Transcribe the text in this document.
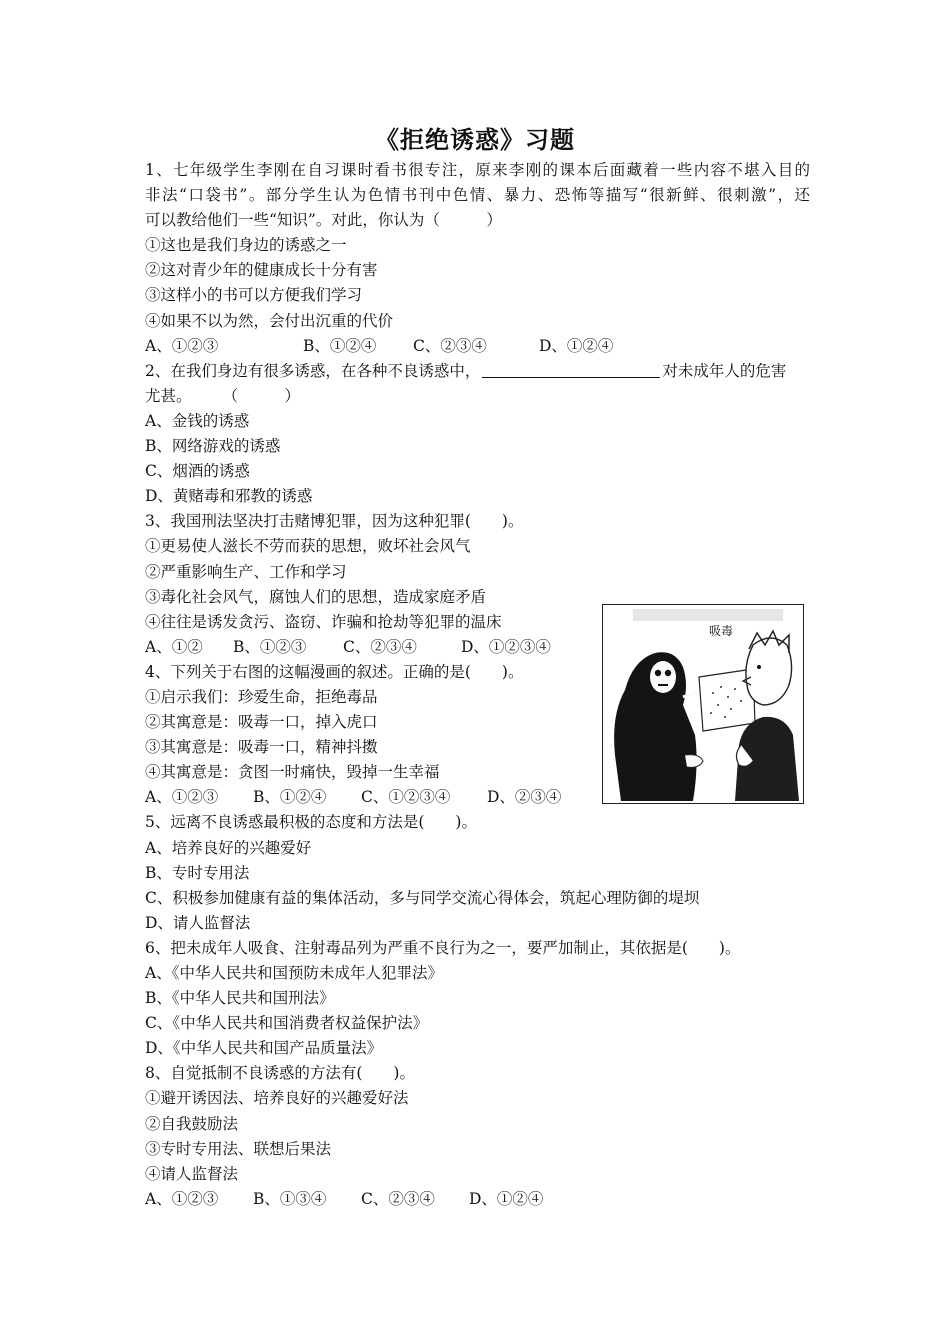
《拒绝诱惑》习题
1、七年级学生李刚在自习课时看书很专注，原来李刚的课本后面藏着一些内容不堪入目的
非法“口袋书”。部分学生认为色情书刊中色情、暴力、恐怖等描写“很新鲜、很刺激”，还
可以教给他们一些“知识”。对此，你认为（　　　）
①这也是我们身边的诱惑之一
②这对青少年的健康成长十分有害
③这样小的书可以方便我们学习
④如果不以为然，会付出沉重的代价
A、①②③	B、①②④ C、②③④	D、①②④
2、在我们身边有很多诱惑，在各种不良诱惑中，	对未成年人的危害
尤甚。　　　（　　　）
A、金钱的诱惑
B、网络游戏的诱惑
C、烟酒的诱惑
D、黄赌毒和邪教的诱惑
3、我国刑法坚决打击赌博犯罪，因为这种犯罪(　　)。
①更易使人滋长不劳而获的思想，败坏社会风气
②严重影响生产、工作和学习
③毒化社会风气，腐蚀人们的思想，造成家庭矛盾
④往往是诱发贪污、盗窃、诈骗和抢劫等犯罪的温床
A、①② B、①②③ C、②③④	D、①②③④
4、下列关于右图的这幅漫画的叙述。正确的是(　　)。
①启示我们：珍爱生命，拒绝毒品
②其寓意是：吸毒一口，掉入虎口
③其寓意是：吸毒一口，精神抖擞
④其寓意是：贪图一时痛快，毁掉一生幸福
A、①②③ B、①②④ C、①②③④ D、②③④
5、远离不良诱惑最积极的态度和方法是(　　)。
A、培养良好的兴趣爱好
B、专时专用法
C、积极参加健康有益的集体活动，多与同学交流心得体会，筑起心理防御的堤坝
D、请人监督法
6、把未成年人吸食、注射毒品列为严重不良行为之一，要严加制止，其依据是(　　)。
A、《中华人民共和国预防未成年人犯罪法》
B、《中华人民共和国刑法》
C、《中华人民共和国消费者权益保护法》
D、《中华人民共和国产品质量法》
8、自觉抵制不良诱惑的方法有(　　)。
①避开诱因法、培养良好的兴趣爱好法
②自我鼓励法
③专时专用法、联想后果法
④请人监督法
A、①②③ B、①③④ C、②③④ D、①②④
吸毒
